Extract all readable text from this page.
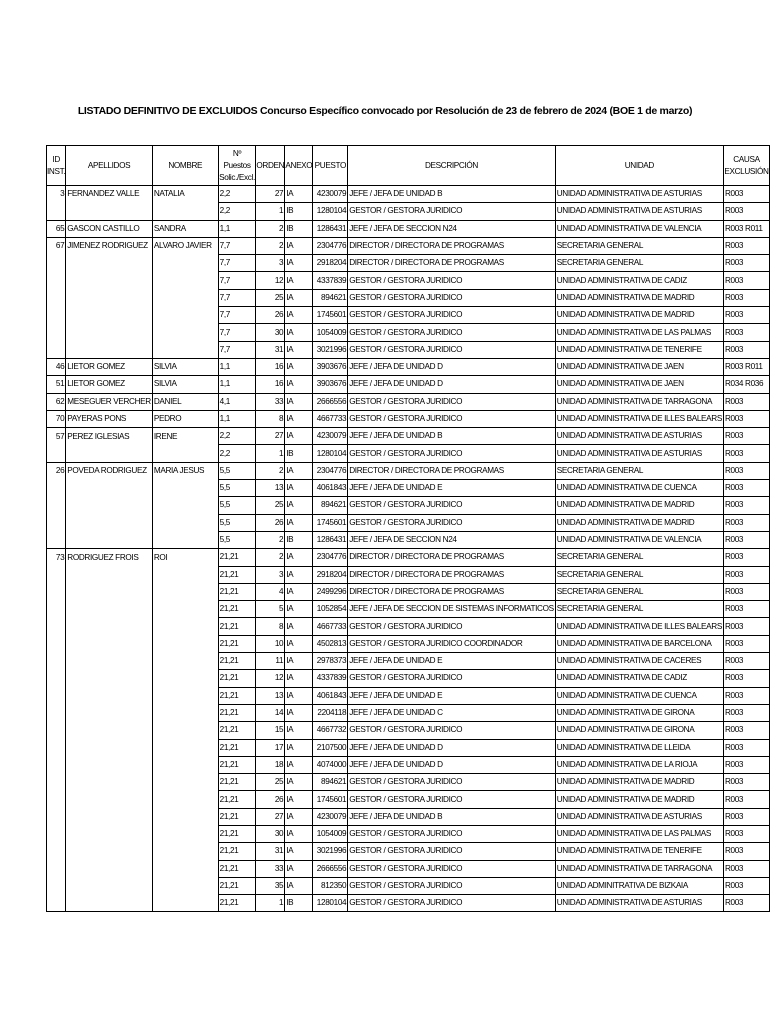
LISTADO DEFINITIVO DE EXCLUIDOS Concurso Específico convocado por Resolución de 23 de febrero de 2024 (BOE 1 de marzo)
ID
INST.	APELLIDOS	NOMBRE	Nº Puestos
Solic./Excl.	ORDEN	ANEXO	PUESTO	DESCRIPCIÓN	UNIDAD	CAUSA
EXCLUSIÓN
3	FERNANDEZ VALLE	NATALIA	2,2	27	IA	4230079	JEFE / JEFA DE UNIDAD B	UNIDAD ADMINISTRATIVA DE ASTURIAS	R003
			2,2	1	IB	1280104	GESTOR / GESTORA JURIDICO	UNIDAD ADMINISTRATIVA DE ASTURIAS	R003
65	GASCON CASTILLO	SANDRA	1,1	2	IB	1286431	JEFE / JEFA DE SECCION N24	UNIDAD ADMINISTRATIVA DE VALENCIA	R003 R011
67	JIMENEZ RODRIGUEZ	ALVARO JAVIER	7,7	2	IA	2304776	DIRECTOR / DIRECTORA DE PROGRAMAS	SECRETARIA GENERAL	R003
			7,7	3	IA	2918204	DIRECTOR / DIRECTORA DE PROGRAMAS	SECRETARIA GENERAL	R003
			7,7	12	IA	4337839	GESTOR / GESTORA JURIDICO	UNIDAD ADMINISTRATIVA DE CADIZ	R003
			7,7	25	IA	894621	GESTOR / GESTORA JURIDICO	UNIDAD ADMINISTRATIVA DE MADRID	R003
			7,7	26	IA	1745601	GESTOR / GESTORA JURIDICO	UNIDAD ADMINISTRATIVA DE MADRID	R003
			7,7	30	IA	1054009	GESTOR / GESTORA JURIDICO	UNIDAD ADMINISTRATIVA DE LAS PALMAS	R003
			7,7	31	IA	3021996	GESTOR / GESTORA JURIDICO	UNIDAD ADMINISTRATIVA DE TENERIFE	R003
46	LIETOR GOMEZ	SILVIA	1,1	16	IA	3903676	JEFE / JEFA DE UNIDAD D	UNIDAD ADMINISTRATIVA DE JAEN	R003 R011
51	LIETOR GOMEZ	SILVIA	1,1	16	IA	3903676	JEFE / JEFA DE UNIDAD D	UNIDAD ADMINISTRATIVA DE JAEN	R034 R036
62	MESEGUER VERCHER	DANIEL	4,1	33	IA	2666556	GESTOR / GESTORA JURIDICO	UNIDAD ADMINISTRATIVA DE TARRAGONA	R003
70	PAYERAS PONS	PEDRO	1,1	8	IA	4667733	GESTOR / GESTORA JURIDICO	UNIDAD ADMINISTRATIVA DE ILLES BALEARS	R003
57	PEREZ IGLESIAS	IRENE	2,2	27	IA	4230079	JEFE / JEFA DE UNIDAD B	UNIDAD ADMINISTRATIVA DE ASTURIAS	R003
			2,2	1	IB	1280104	GESTOR / GESTORA JURIDICO	UNIDAD ADMINISTRATIVA DE ASTURIAS	R003
26	POVEDA RODRIGUEZ	MARIA JESUS	5,5	2	IA	2304776	DIRECTOR / DIRECTORA DE PROGRAMAS	SECRETARIA GENERAL	R003
			5,5	13	IA	4061843	JEFE / JEFA DE UNIDAD E	UNIDAD ADMINISTRATIVA DE CUENCA	R003
			5,5	25	IA	894621	GESTOR / GESTORA JURIDICO	UNIDAD ADMINISTRATIVA DE MADRID	R003
			5,5	26	IA	1745601	GESTOR / GESTORA JURIDICO	UNIDAD ADMINISTRATIVA DE MADRID	R003
			5,5	2	IB	1286431	JEFE / JEFA DE SECCION N24	UNIDAD ADMINISTRATIVA DE VALENCIA	R003
73	RODRIGUEZ FROIS	ROI	21,21	2	IA	2304776	DIRECTOR / DIRECTORA DE PROGRAMAS	SECRETARIA GENERAL	R003
			21,21	3	IA	2918204	DIRECTOR / DIRECTORA DE PROGRAMAS	SECRETARIA GENERAL	R003
			21,21	4	IA	2499296	DIRECTOR / DIRECTORA DE PROGRAMAS	SECRETARIA GENERAL	R003
			21,21	5	IA	1052854	JEFE / JEFA DE SECCION DE SISTEMAS INFORMATICOS	SECRETARIA GENERAL	R003
			21,21	8	IA	4667733	GESTOR / GESTORA JURIDICO	UNIDAD ADMINISTRATIVA DE ILLES BALEARS	R003
			21,21	10	IA	4502813	GESTOR / GESTORA JURIDICO COORDINADOR	UNIDAD ADMINISTRATIVA DE BARCELONA	R003
			21,21	11	IA	2978373	JEFE / JEFA DE UNIDAD E	UNIDAD ADMINISTRATIVA DE CACERES	R003
			21,21	12	IA	4337839	GESTOR / GESTORA JURIDICO	UNIDAD ADMINISTRATIVA DE CADIZ	R003
			21,21	13	IA	4061843	JEFE / JEFA DE UNIDAD E	UNIDAD ADMINISTRATIVA DE CUENCA	R003
			21,21	14	IA	2204118	JEFE / JEFA DE UNIDAD C	UNIDAD ADMINISTRATIVA DE GIRONA	R003
			21,21	15	IA	4667732	GESTOR / GESTORA JURIDICO	UNIDAD ADMINISTRATIVA DE GIRONA	R003
			21,21	17	IA	2107500	JEFE / JEFA DE UNIDAD D	UNIDAD ADMINISTRATIVA DE LLEIDA	R003
			21,21	18	IA	4074000	JEFE / JEFA DE UNIDAD D	UNIDAD ADMINISTRATIVA DE LA RIOJA	R003
			21,21	25	IA	894621	GESTOR / GESTORA JURIDICO	UNIDAD ADMINISTRATIVA DE MADRID	R003
			21,21	26	IA	1745601	GESTOR / GESTORA JURIDICO	UNIDAD ADMINISTRATIVA DE MADRID	R003
			21,21	27	IA	4230079	JEFE / JEFA DE UNIDAD B	UNIDAD ADMINISTRATIVA DE ASTURIAS	R003
			21,21	30	IA	1054009	GESTOR / GESTORA JURIDICO	UNIDAD ADMINISTRATIVA DE LAS PALMAS	R003
			21,21	31	IA	3021996	GESTOR / GESTORA JURIDICO	UNIDAD ADMINISTRATIVA DE TENERIFE	R003
			21,21	33	IA	2666556	GESTOR / GESTORA JURIDICO	UNIDAD ADMINISTRATIVA DE TARRAGONA	R003
			21,21	35	IA	812350	GESTOR / GESTORA JURIDICO	UNIDAD ADMINITRATIVA DE BIZKAIA	R003
			21,21	1	IB	1280104	GESTOR / GESTORA JURIDICO	UNIDAD ADMINISTRATIVA DE ASTURIAS	R003
